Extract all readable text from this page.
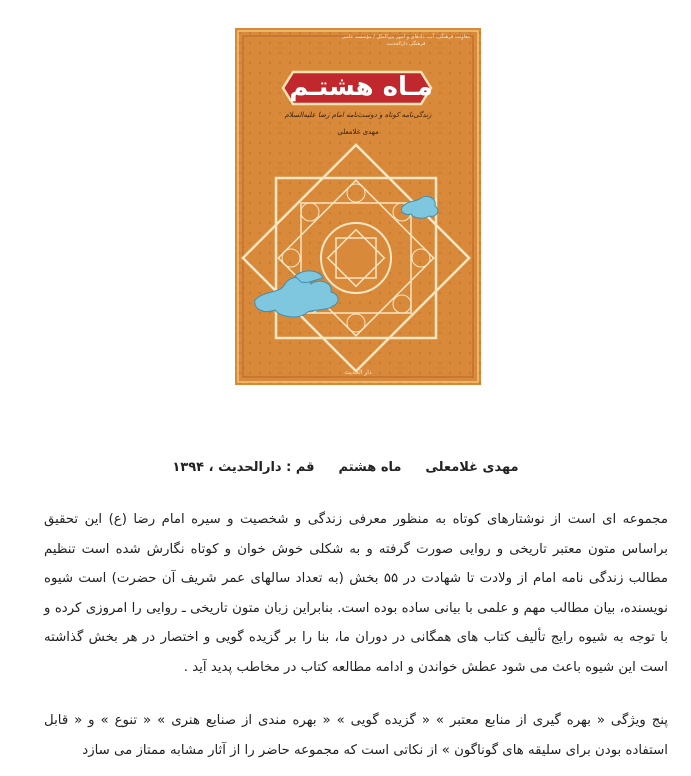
معاونت فرهنگی، آب، دادهای و امور بین‌الملل / مؤسسه علمی فرهنگی دارالحدیث
مـاه هشتـم
زندگی‌نامه کوتاه و دوست‌نامه امام رضا علیه‌السلام
مهدی غلامعلی
دار الحدیث
مهدی غلامعلیماه هشتمقم : دارالحدیث ، ۱۳۹۴
مجموعه ای است از نوشتارهای کوتاه به منظور معرفی زندگی و شخصیت و سیره امام رضا (ع) این تحقیق براساس متون معتبر تاریخی و روایی صورت گرفته و به شکلی خوش خوان و کوتاه نگارش شده است تنظیم مطالب زندگی نامه امام از ولادت تا شهادت در ۵۵ بخش (به تعداد سالهای عمر شریف آن حضرت) است شیوه نویسنده، بیان مطالب مهم و علمی با بیانی ساده بوده است. بنابراین زبان متون تاریخی ـ روایی را امروزی کرده و با توجه به شیوه رایج تألیف کتاب های همگانی در دوران ما، بنا را بر گزیده گویی و اختصار در هر بخش گذاشته است این شیوه باعث می شود عطش خواندن و ادامه مطالعه کتاب در مخاطب پدید آید .
پنج ویژگی « بهره گیری از منابع معتبر » « گزیده گویی » « بهره مندی از صنایع هنری » « تنوع » و « قابل استفاده بودن برای سلیقه های گوناگون » از نکاتی است که مجموعه حاضر را از آثار مشابه ممتاز می سازد
